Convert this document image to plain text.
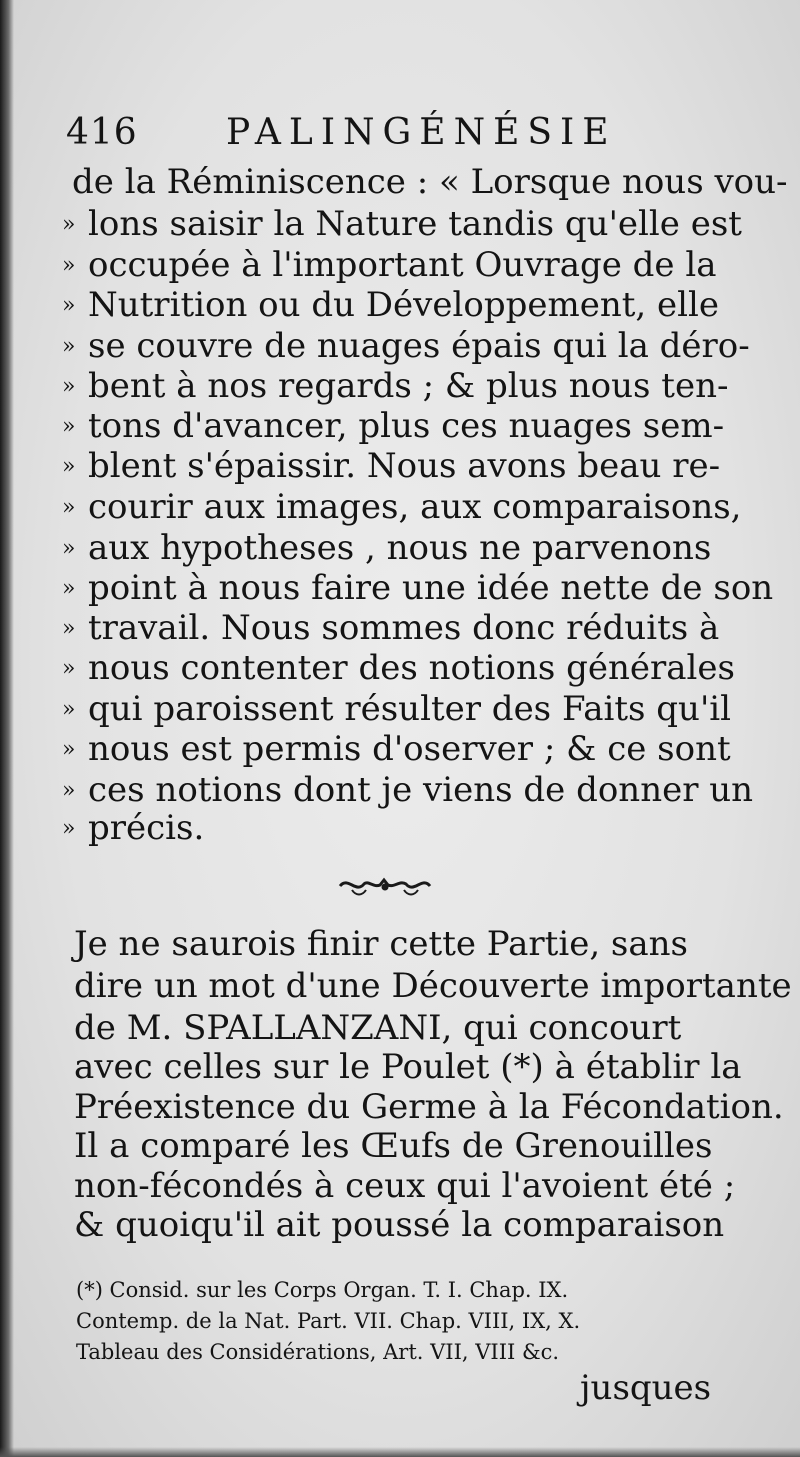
416 PALINGÉNÉSIE
de la Réminiscence : « Lorsque nous vou-
» lons saisir la Nature tandis qu'elle est
» occupée à l'important Ouvrage de la
» Nutrition ou du Développement, elle
» se couvre de nuages épais qui la déro-
» bent à nos regards ; & plus nous ten-
» tons d'avancer, plus ces nuages sem-
» blent s'épaissir. Nous avons beau re-
» courir aux images, aux comparaisons,
» aux hypotheses , nous ne parvenons
» point à nous faire une idée nette de son
» travail. Nous sommes donc réduits à
» nous contenter des notions générales
» qui paroissent résulter des Faits qu'il
» nous est permis d'oserver ; & ce sont
» ces notions dont je viens de donner un
» précis.
Je ne saurois finir cette Partie, sans
dire un mot d'une Découverte importante
de M. SPALLANZANI, qui concourt
avec celles sur le Poulet (*) à établir la
Préexistence du Germe à la Fécondation.
Il a comparé les Œufs de Grenouilles
non-fécondés à ceux qui l'avoient été ;
& quoiqu'il ait poussé la comparaison
(*) Consid. sur les Corps Organ. T. I. Chap. IX.
Contemp. de la Nat. Part. VII. Chap. VIII, IX, X.
Tableau des Considérations, Art. VII, VIII &c.
jusques
